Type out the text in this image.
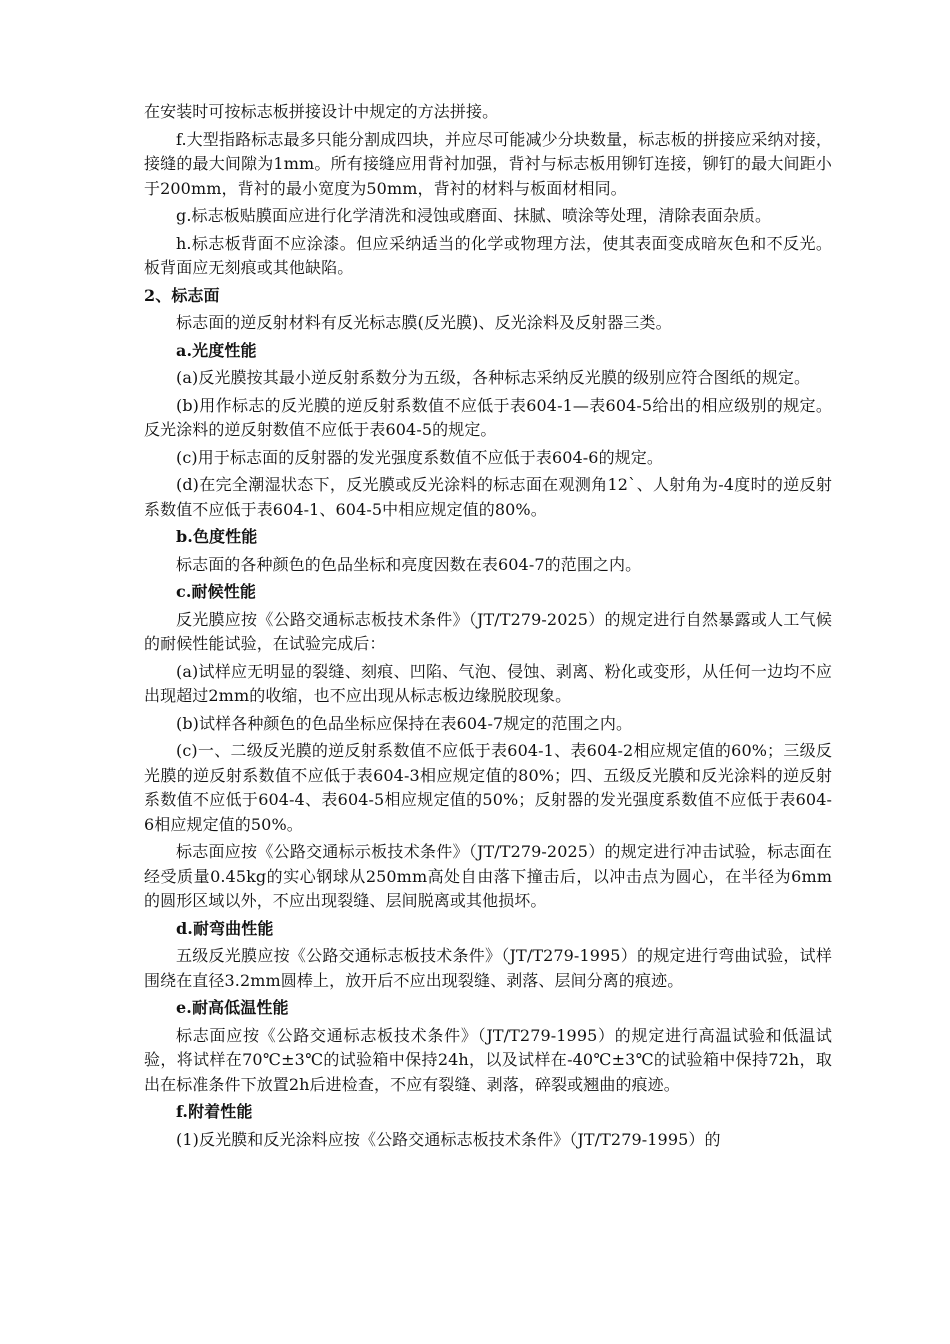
在安装时可按标志板拼接设计中规定的方法拼接。

f.大型指路标志最多只能分割成四块，并应尽可能减少分块数量，标志板的拼接应采纳对接，接缝的最大间隙为1mm。所有接缝应用背衬加强，背衬与标志板用铆钉连接，铆钉的最大间距小于200mm，背衬的最小宽度为50mm，背衬的材料与板面材相同。

g.标志板贴膜面应进行化学清洗和浸蚀或磨面、抹腻、喷涂等处理，清除表面杂质。

h.标志板背面不应涂漆。但应采纳适当的化学或物理方法，使其表面变成暗灰色和不反光。板背面应无刻痕或其他缺陷。

2、标志面

标志面的逆反射材料有反光标志膜(反光膜)、反光涂料及反射器三类。

a.光度性能

(a)反光膜按其最小逆反射系数分为五级，各种标志采纳反光膜的级别应符合图纸的规定。

(b)用作标志的反光膜的逆反射系数值不应低于表604-1—表604-5给出的相应级别的规定。反光涂料的逆反射数值不应低于表604-5的规定。

(c)用于标志面的反射器的发光强度系数值不应低于表604-6的规定。

(d)在完全潮湿状态下，反光膜或反光涂料的标志面在观测角12ˋ、人射角为-4度时的逆反射系数值不应低于表604-1、604-5中相应规定值的80%。

b.色度性能

标志面的各种颜色的色品坐标和亮度因数在表604-7的范围之内。

c.耐候性能

反光膜应按《公路交通标志板技术条件》（JT/T279-2025）的规定进行自然暴露或人工气候的耐候性能试验，在试验完成后：

(a)试样应无明显的裂缝、刻痕、凹陷、气泡、侵蚀、剥离、粉化或变形，从任何一边均不应出现超过2mm的收缩，也不应出现从标志板边缘脱胶现象。

(b)试样各种颜色的色品坐标应保持在表604-7规定的范围之内。

(c)一、二级反光膜的逆反射系数值不应低于表604-1、表604-2相应规定值的60%；三级反光膜的逆反射系数值不应低于表604-3相应规定值的80%；四、五级反光膜和反光涂料的逆反射系数值不应低于604-4、表604-5相应规定值的50%；反射器的发光强度系数值不应低于表604-6相应规定值的50%。

标志面应按《公路交通标示板技术条件》（JT/T279-2025）的规定进行冲击试验，标志面在经受质量0.45kg的实心钢球从250mm高处自由落下撞击后，以冲击点为圆心，在半径为6mm的圆形区域以外，不应出现裂缝、层间脱离或其他损坏。

d.耐弯曲性能

五级反光膜应按《公路交通标志板技术条件》（JT/T279-1995）的规定进行弯曲试验，试样围绕在直径3.2mm圆棒上，放开后不应出现裂缝、剥落、层间分离的痕迹。

e.耐高低温性能

标志面应按《公路交通标志板技术条件》（JT/T279-1995）的规定进行高温试验和低温试验，将试样在70℃±3℃的试验箱中保持24h，以及试样在-40℃±3℃的试验箱中保持72h，取出在标准条件下放置2h后进检查，不应有裂缝、剥落，碎裂或翘曲的痕迹。

f.附着性能

(1)反光膜和反光涂料应按《公路交通标志板技术条件》（JT/T279-1995）的
